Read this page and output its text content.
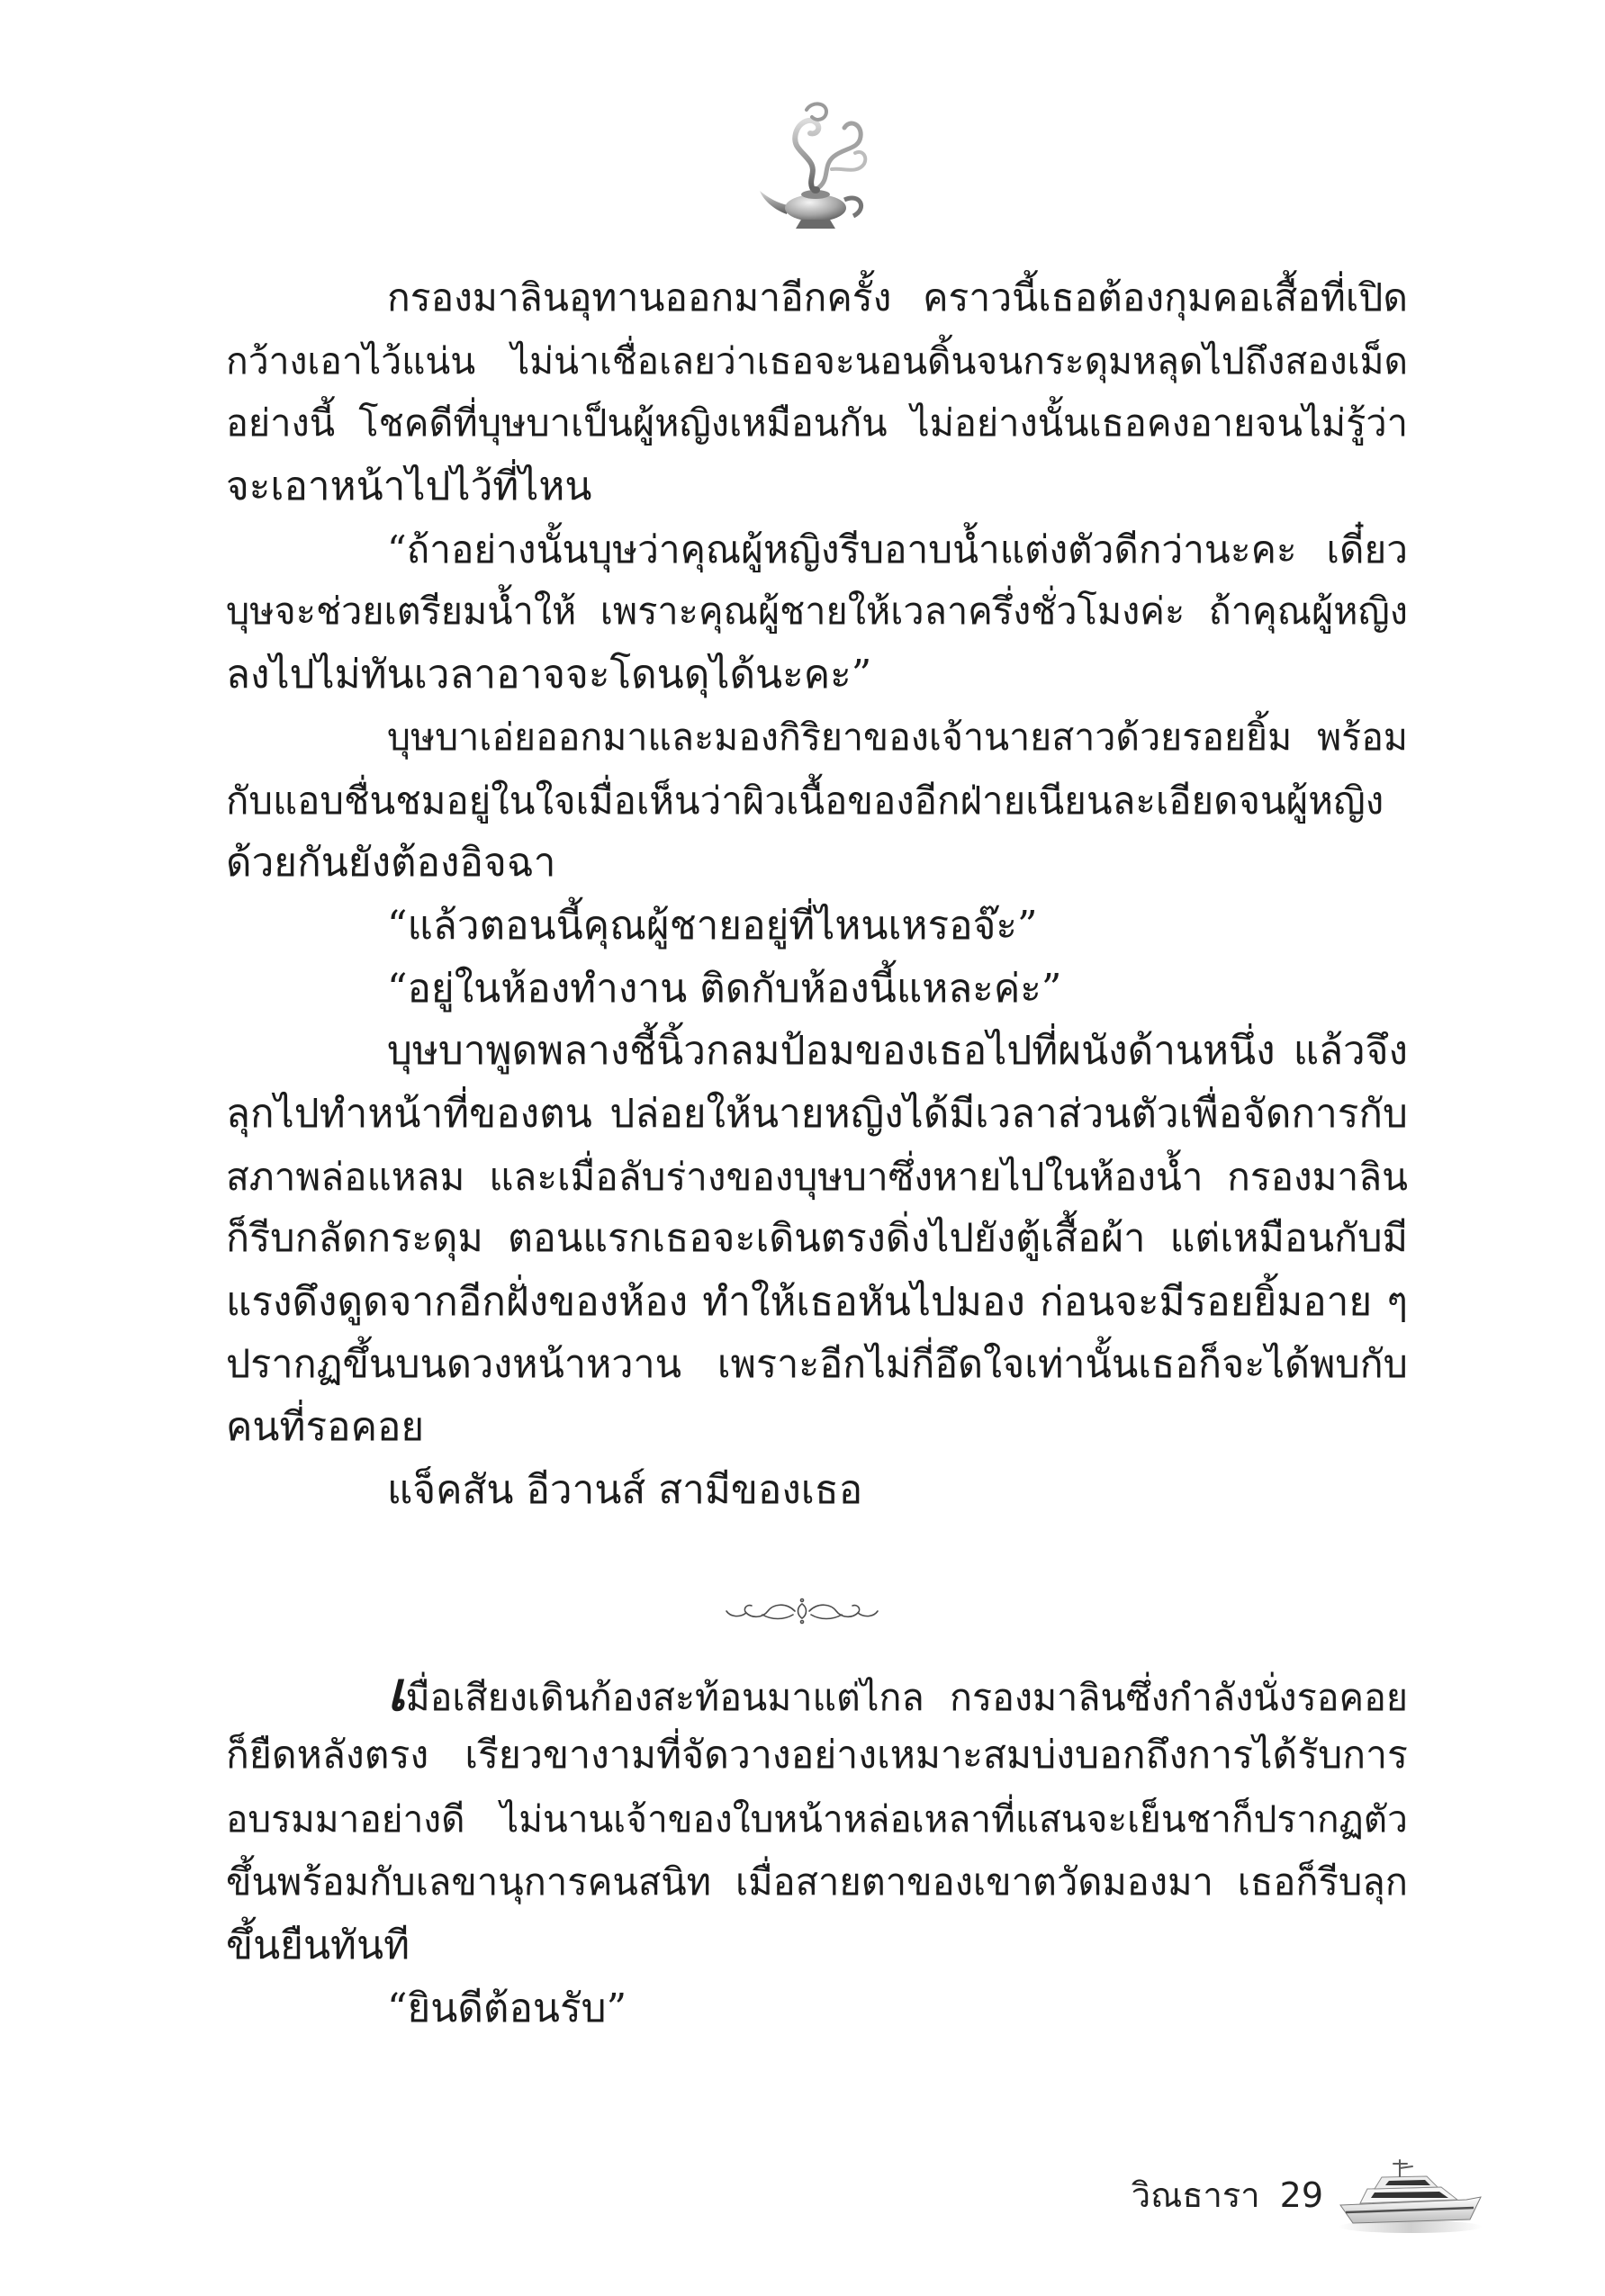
กรองมาลินอุทานออกมาอีกครั้ง คราวนี้เธอต้องกุมคอเสื้อที่เปิด
กว้างเอาไว้แน่น ไม่น่าเชื่อเลยว่าเธอจะนอนดิ้นจนกระดุมหลุดไปถึงสองเม็ด
อย่างนี้ โชคดีที่บุษบาเป็นผู้หญิงเหมือนกัน ไม่อย่างนั้นเธอคงอายจนไม่รู้ว่า
จะเอาหน้าไปไว้ที่ไหน
“ถ้าอย่างนั้นบุษว่าคุณผู้หญิงรีบอาบน้ำแต่งตัวดีกว่านะคะ เดี๋ยว
บุษจะช่วยเตรียมน้ำให้ เพราะคุณผู้ชายให้เวลาครึ่งชั่วโมงค่ะ ถ้าคุณผู้หญิง
ลงไปไม่ทันเวลาอาจจะโดนดุได้นะคะ”
บุษบาเอ่ยออกมาและมองกิริยาของเจ้านายสาวด้วยรอยยิ้ม พร้อม
กับแอบชื่นชมอยู่ในใจเมื่อเห็นว่าผิวเนื้อของอีกฝ่ายเนียนละเอียดจนผู้หญิง
ด้วยกันยังต้องอิจฉา
“แล้วตอนนี้คุณผู้ชายอยู่ที่ไหนเหรอจ๊ะ”
“อยู่ในห้องทำงาน ติดกับห้องนี้แหละค่ะ”
บุษบาพูดพลางชี้นิ้วกลมป้อมของเธอไปที่ผนังด้านหนึ่ง แล้วจึง
ลุกไปทำหน้าที่ของตน ปล่อยให้นายหญิงได้มีเวลาส่วนตัวเพื่อจัดการกับ
สภาพล่อแหลม และเมื่อลับร่างของบุษบาซึ่งหายไปในห้องน้ำ กรองมาลิน
ก็รีบกลัดกระดุม ตอนแรกเธอจะเดินตรงดิ่งไปยังตู้เสื้อผ้า แต่เหมือนกับมี
แรงดึงดูดจากอีกฝั่งของห้อง ทำให้เธอหันไปมอง ก่อนจะมีรอยยิ้มอาย ๆ
ปรากฏขึ้นบนดวงหน้าหวาน เพราะอีกไม่กี่อึดใจเท่านั้นเธอก็จะได้พบกับ
คนที่รอคอย
แจ็คสัน อีวานส์ สามีของเธอ
เมื่อเสียงเดินก้องสะท้อนมาแต่ไกล กรองมาลินซึ่งกำลังนั่งรอคอย
ก็ยืดหลังตรง เรียวขางามที่จัดวางอย่างเหมาะสมบ่งบอกถึงการได้รับการ
อบรมมาอย่างดี ไม่นานเจ้าของใบหน้าหล่อเหลาที่แสนจะเย็นชาก็ปรากฏตัว
ขึ้นพร้อมกับเลขานุการคนสนิท เมื่อสายตาของเขาตวัดมองมา เธอก็รีบลุก
ขึ้นยืนทันที
“ยินดีต้อนรับ”
วิณธารา 29
